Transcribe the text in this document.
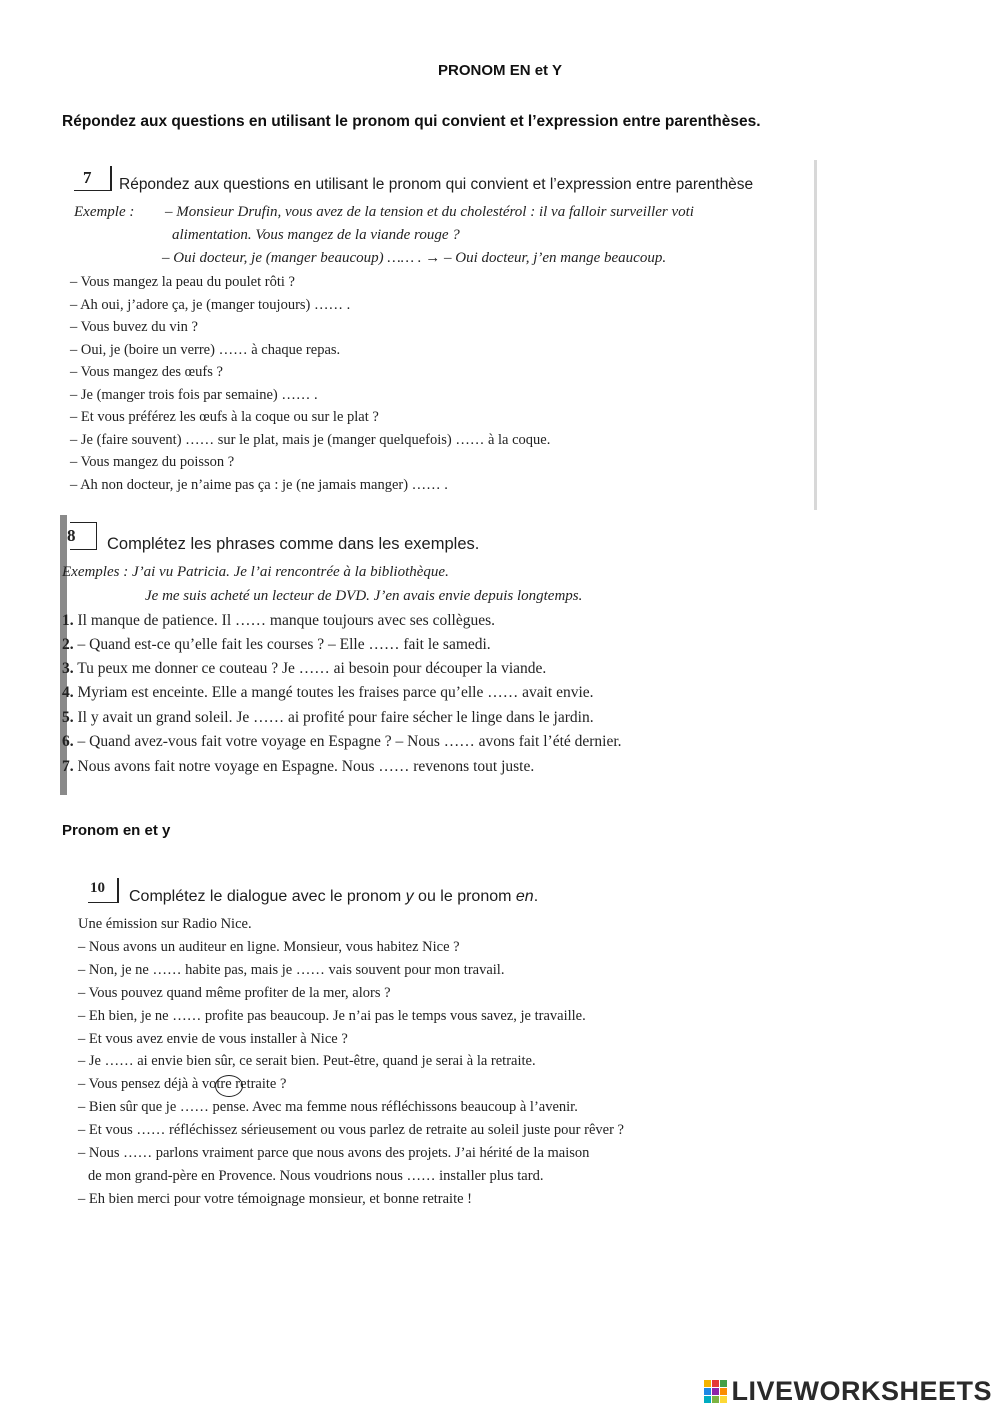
PRONOM EN et Y
Répondez aux questions en utilisant le pronom qui convient et l’expression entre parenthèses.
7 Répondez aux questions en utilisant le pronom qui convient et l’expression entre parenthèse
Exemple : – Monsieur Drufin, vous avez de la tension et du cholestérol : il va falloir surveiller voti
alimentation. Vous mangez de la viande rouge ?
– Oui docteur, je (manger beaucoup) …… . → – Oui docteur, j’en mange beaucoup.
– Vous mangez la peau du poulet rôti ?
– Ah oui, j’adore ça, je (manger toujours) …… .
– Vous buvez du vin ?
– Oui, je (boire un verre) …… à chaque repas.
– Vous mangez des œufs ?
– Je (manger trois fois par semaine) …… .
– Et vous préférez les œufs à la coque ou sur le plat ?
– Je (faire souvent) …… sur le plat, mais je (manger quelquefois) …… à la coque.
– Vous mangez du poisson ?
– Ah non docteur, je n’aime pas ça : je (ne jamais manger) …… .
8 Complétez les phrases comme dans les exemples.
Exemples : J’ai vu Patricia. Je l’ai rencontrée à la bibliothèque.
Je me suis acheté un lecteur de DVD. J’en avais envie depuis longtemps.
1. Il manque de patience. Il …… manque toujours avec ses collègues.
2. – Quand est-ce qu’elle fait les courses ? – Elle …… fait le samedi.
3. Tu peux me donner ce couteau ? Je …… ai besoin pour découper la viande.
4. Myriam est enceinte. Elle a mangé toutes les fraises parce qu’elle …… avait envie.
5. Il y avait un grand soleil. Je …… ai profité pour faire sécher le linge dans le jardin.
6. – Quand avez-vous fait votre voyage en Espagne ? – Nous …… avons fait l’été dernier.
7. Nous avons fait notre voyage en Espagne. Nous …… revenons tout juste.
Pronom en et y
10 Complétez le dialogue avec le pronom y ou le pronom en.
Une émission sur Radio Nice.
– Nous avons un auditeur en ligne. Monsieur, vous habitez Nice ?
– Non, je ne …… habite pas, mais je …… vais souvent pour mon travail.
– Vous pouvez quand même profiter de la mer, alors ?
– Eh bien, je ne …… profite pas beaucoup. Je n’ai pas le temps vous savez, je travaille.
– Et vous avez envie de vous installer à Nice ?
– Je …… ai envie bien sûr, ce serait bien. Peut-être, quand je serai à la retraite.
– Vous pensez déjà à votre retraite ?
– Bien sûr que je …… pense. Avec ma femme nous réfléchissons beaucoup à l’avenir.
– Et vous …… réfléchissez sérieusement ou vous parlez de retraite au soleil juste pour rêver ?
– Nous …… parlons vraiment parce que nous avons des projets. J’ai hérité de la maison
de mon grand-père en Provence. Nous voudrions nous …… installer plus tard.
– Eh bien merci pour votre témoignage monsieur, et bonne retraite !
LIVEWORKSHEETS
